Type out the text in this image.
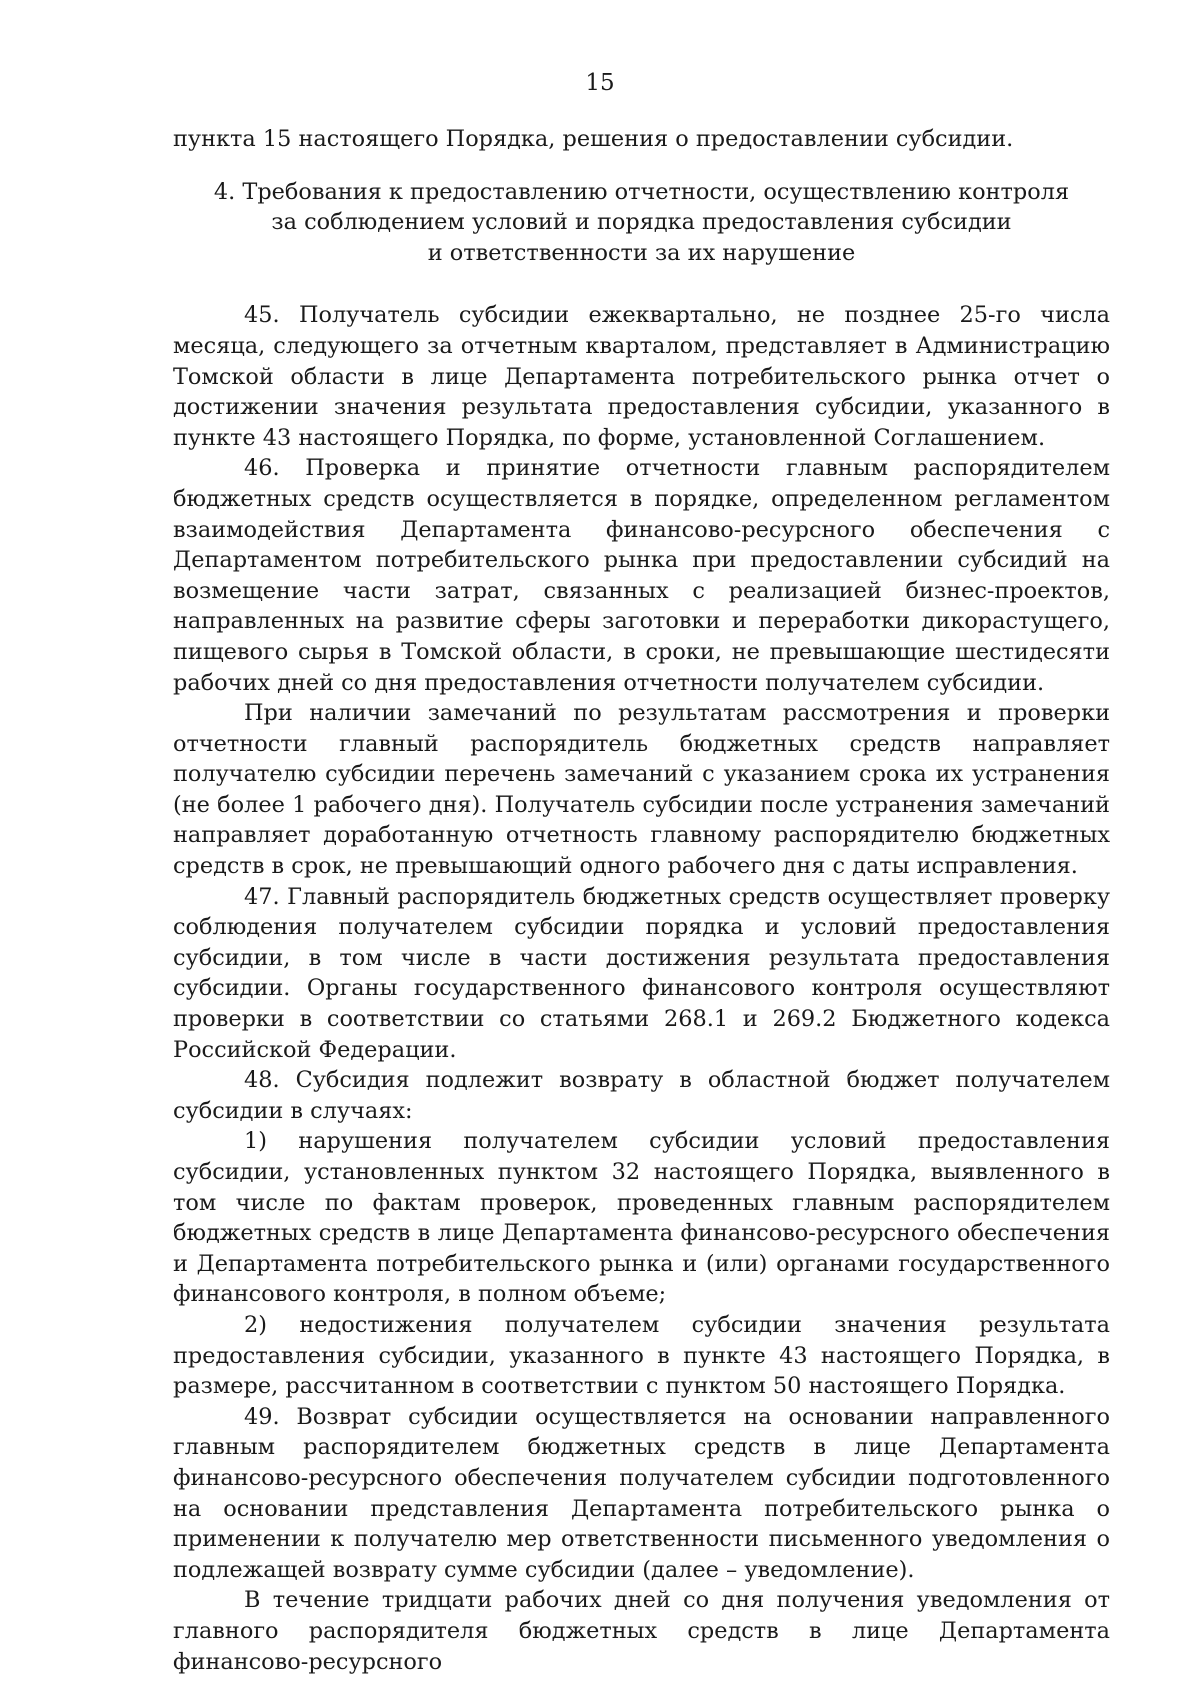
15

пункта 15 настоящего Порядка, решения о предоставлении субсидии.

4. Требования к предоставлению отчетности, осуществлению контроля
за соблюдением условий и порядка предоставления субсидии
и ответственности за их нарушение

45. Получатель субсидии ежеквартально, не позднее 25-го числа месяца, следующего за отчетным кварталом, представляет в Администрацию Томской области в лице Департамента потребительского рынка отчет о достижении значения результата предоставления субсидии, указанного в пункте 43 настоящего Порядка, по форме, установленной Соглашением.

46. Проверка и принятие отчетности главным распорядителем бюджетных средств осуществляется в порядке, определенном регламентом взаимодействия Департамента финансово-ресурсного обеспечения с Департаментом потребительского рынка при предоставлении субсидий на возмещение части затрат, связанных с реализацией бизнес-проектов, направленных на развитие сферы заготовки и переработки дикорастущего, пищевого сырья в Томской области, в сроки, не превышающие шестидесяти рабочих дней со дня предоставления отчетности получателем субсидии.

При наличии замечаний по результатам рассмотрения и проверки отчетности главный распорядитель бюджетных средств направляет получателю субсидии перечень замечаний с указанием срока их устранения (не более 1 рабочего дня). Получатель субсидии после устранения замечаний направляет доработанную отчетность главному распорядителю бюджетных средств в срок, не превышающий одного рабочего дня с даты исправления.

47. Главный распорядитель бюджетных средств осуществляет проверку соблюдения получателем субсидии порядка и условий предоставления субсидии, в том числе в части достижения результата предоставления субсидии. Органы государственного финансового контроля осуществляют проверки в соответствии со статьями 268.1 и 269.2 Бюджетного кодекса Российской Федерации.

48. Субсидия подлежит возврату в областной бюджет получателем субсидии в случаях:

1) нарушения получателем субсидии условий предоставления субсидии, установленных пунктом 32 настоящего Порядка, выявленного в том числе по фактам проверок, проведенных главным распорядителем бюджетных средств в лице Департамента финансово-ресурсного обеспечения и Департамента потребительского рынка и (или) органами государственного финансового контроля, в полном объеме;

2) недостижения получателем субсидии значения результата предоставления субсидии, указанного в пункте 43 настоящего Порядка, в размере, рассчитанном в соответствии с пунктом 50 настоящего Порядка.

49. Возврат субсидии осуществляется на основании направленного главным распорядителем бюджетных средств в лице Департамента финансово-ресурсного обеспечения получателем субсидии подготовленного на основании представления Департамента потребительского рынка о применении к получателю мер ответственности письменного уведомления о подлежащей возврату сумме субсидии (далее – уведомление).

В течение тридцати рабочих дней со дня получения уведомления от главного распорядителя бюджетных средств в лице Департамента финансово-ресурсного
